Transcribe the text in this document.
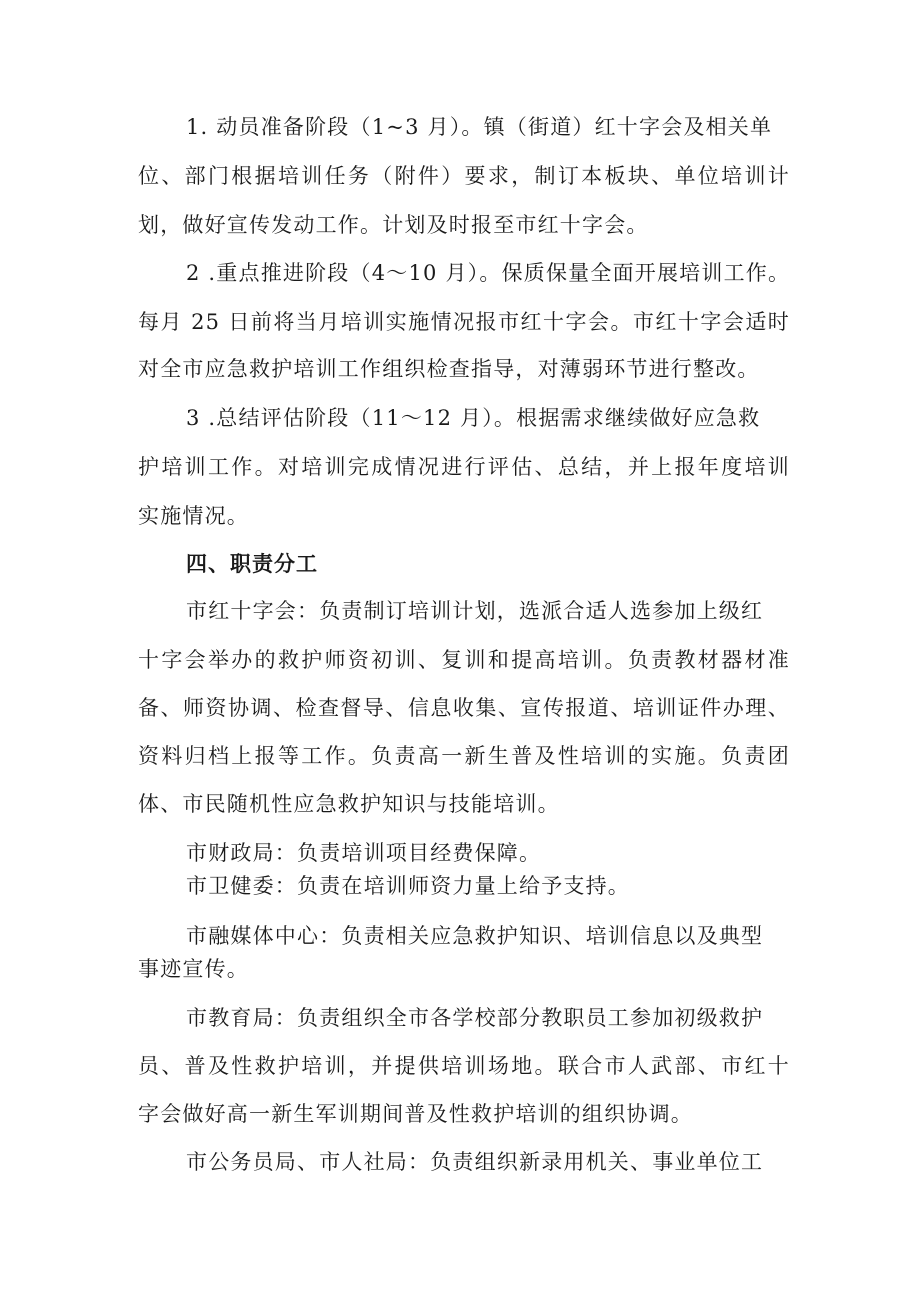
1. 动员准备阶段（1~3 月）。镇（街道）红十字会及相关单
位、部门根据培训任务（附件）要求，制订本板块、单位培训计
划，做好宣传发动工作。计划及时报至市红十字会。
2 .重点推进阶段（4～10 月）。保质保量全面开展培训工作。
每月 25 日前将当月培训实施情况报市红十字会。市红十字会适时
对全市应急救护培训工作组织检查指导，对薄弱环节进行整改。
3 .总结评估阶段（11～12 月）。根据需求继续做好应急救
护培训工作。对培训完成情况进行评估、总结，并上报年度培训
实施情况。
四、职责分工
市红十字会：负责制订培训计划，选派合适人选参加上级红
十字会举办的救护师资初训、复训和提高培训。负责教材器材准
备、师资协调、检查督导、信息收集、宣传报道、培训证件办理、
资料归档上报等工作。负责高一新生普及性培训的实施。负责团
体、市民随机性应急救护知识与技能培训。
市财政局：负责培训项目经费保障。
市卫健委：负责在培训师资力量上给予支持。
市融媒体中心：负责相关应急救护知识、培训信息以及典型
事迹宣传。
市教育局：负责组织全市各学校部分教职员工参加初级救护
员、普及性救护培训，并提供培训场地。联合市人武部、市红十
字会做好高一新生军训期间普及性救护培训的组织协调。
市公务员局、市人社局：负责组织新录用机关、事业单位工
